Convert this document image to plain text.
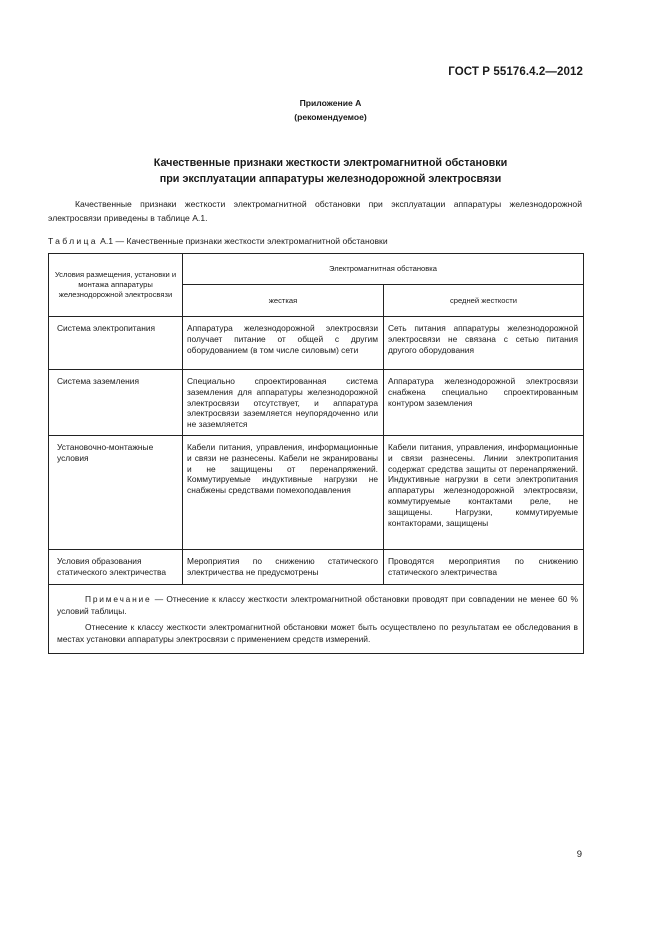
ГОСТ Р 55176.4.2—2012
Приложение А
(рекомендуемое)
Качественные признаки жесткости электромагнитной обстановки
при эксплуатации аппаратуры железнодорожной электросвязи
Качественные признаки жесткости электромагнитной обстановки при эксплуатации аппаратуры железнодорожной электросвязи приведены в таблице А.1.
Таблица А.1 — Качественные признаки жесткости электромагнитной обстановки
Условия размещения, установки и монтажа аппаратуры железнодорожной электросвязи	Электромагнитная обстановка	
	жесткая	средней жесткости
Система электропитания	Аппаратура железнодорожной электросвязи получает питание от общей с другим оборудованием (в том числе силовым) сети	Сеть питания аппаратуры железнодорожной электросвязи не связана с сетью питания другого оборудования
Система заземления	Специально спроектированная система заземления для аппаратуры железнодорожной электросвязи отсутствует, и аппаратура электросвязи заземляется неупорядоченно или не заземляется	Аппаратура железнодорожной электросвязи снабжена специально спроектированным контуром заземления
Установочно-монтажные условия	Кабели питания, управления, информационные и связи не разнесены. Кабели не экранированы и не защищены от перенапряжений. Коммутируемые индуктивные нагрузки не снабжены средствами помехоподавления	Кабели питания, управления, информационные и связи разнесены. Линии электропитания содержат средства защиты от перенапряжений. Индуктивные нагрузки в сети электропитания аппаратуры железнодорожной электросвязи, коммутируемые контактами реле, не защищены. Нагрузки, коммутируемые контакторами, защищены
Условия образования статического электричества	Мероприятия по снижению статического электричества не предусмотрены	Проводятся мероприятия по снижению статического электричества

Примечание — Отнесение к классу жесткости электромагнитной обстановки проводят при совпадении не менее 60 % условий таблицы.

Отнесение к классу жесткости электромагнитной обстановки может быть осуществлено по результатам ее обследования в местах установки аппаратуры электросвязи с применением средств измерений.		

9
